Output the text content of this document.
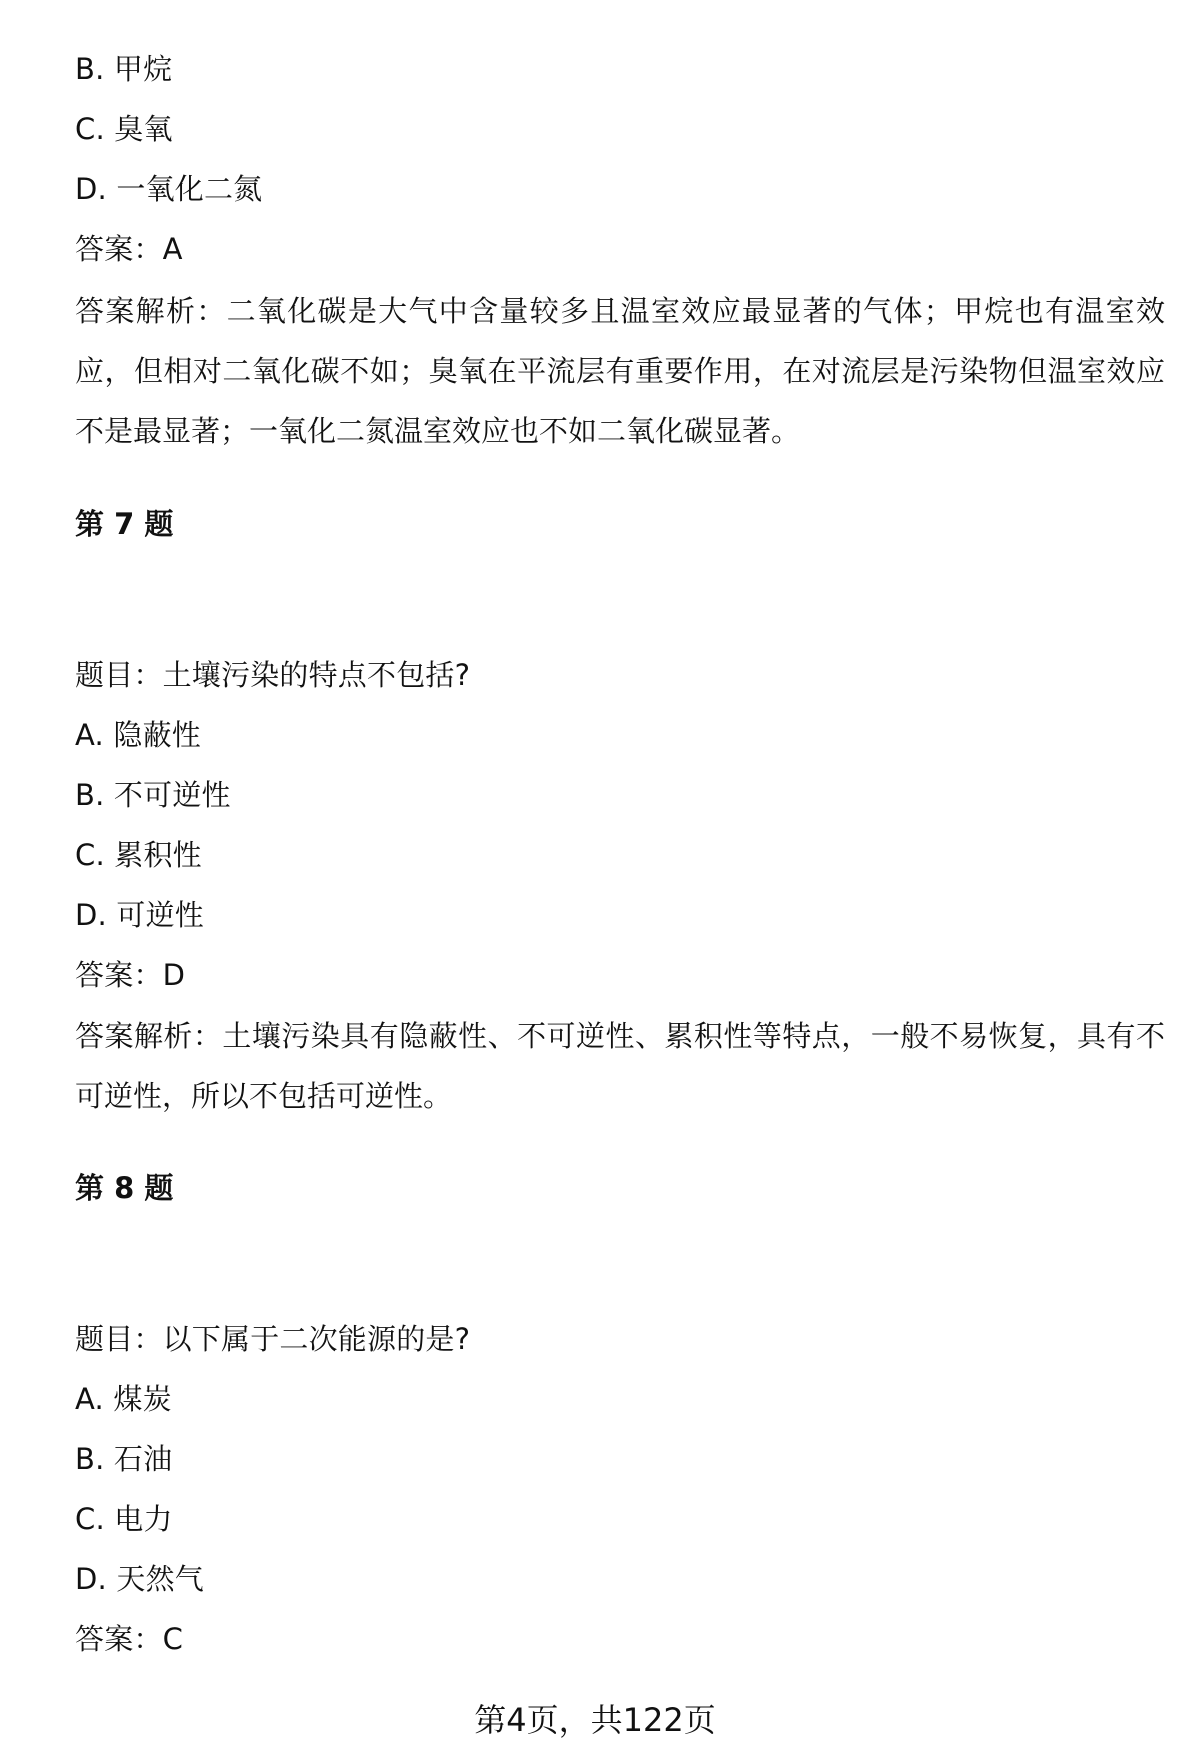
B. 甲烷
C. 臭氧
D. 一氧化二氮
答案：A
答案解析：二氧化碳是大气中含量较多且温室效应最显著的气体；甲烷也有温室效应，但相对二氧化碳不如；臭氧在平流层有重要作用，在对流层是污染物但温室效应不是最显著；一氧化二氮温室效应也不如二氧化碳显著。
第 7 题
题目：土壤污染的特点不包括?
A. 隐蔽性
B. 不可逆性
C. 累积性
D. 可逆性
答案：D
答案解析：土壤污染具有隐蔽性、不可逆性、累积性等特点，一般不易恢复，具有不可逆性，所以不包括可逆性。
第 8 题
题目：以下属于二次能源的是?
A. 煤炭
B. 石油
C. 电力
D. 天然气
答案：C
第4页，共122页
